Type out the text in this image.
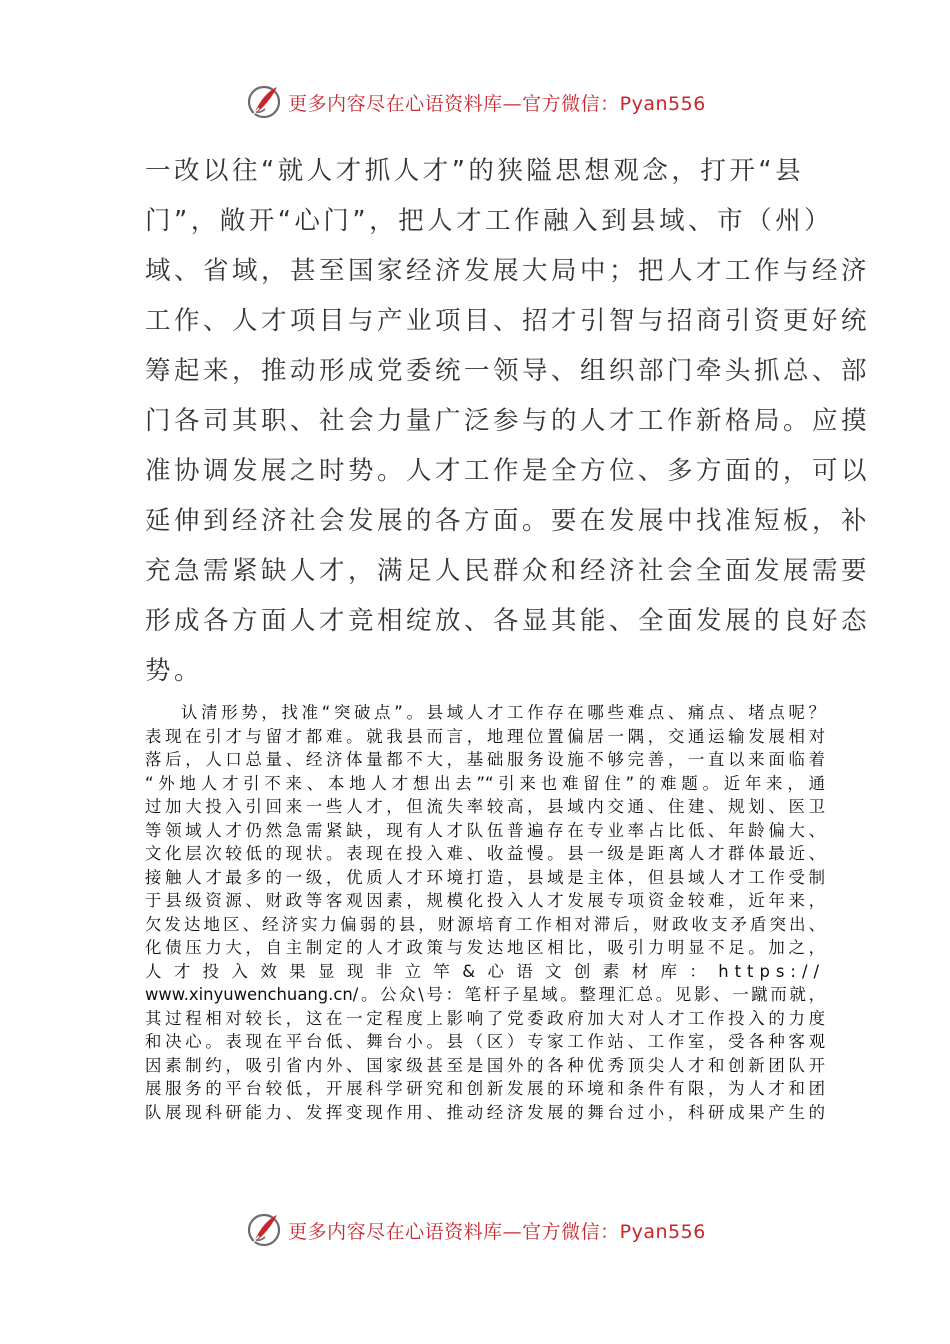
更多内容尽在心语资料库—官方微信：Pyan556
一改以往“就人才抓人才”的狭隘思想观念，打开“县
门”，敞开“心门”，把人才工作融入到县域、市（州）
域、省域，甚至国家经济发展大局中；把人才工作与经济
工作、人才项目与产业项目、招才引智与招商引资更好统
筹起来，推动形成党委统一领导、组织部门牵头抓总、部
门各司其职、社会力量广泛参与的人才工作新格局。应摸
准协调发展之时势。人才工作是全方位、多方面的，可以
延伸到经济社会发展的各方面。要在发展中找准短板，补
充急需紧缺人才，满足人民群众和经济社会全面发展需要
形成各方面人才竞相绽放、各显其能、全面发展的良好态
势。
认清形势，找准“突破点”。县域人才工作存在哪些难点、痛点、堵点呢？
表现在引才与留才都难。就我县而言，地理位置偏居一隅，交通运输发展相对
落后，人口总量、经济体量都不大，基础服务设施不够完善，一直以来面临着
“外地人才引不来、本地人才想出去”“引来也难留住”的难题。近年来，通
过加大投入引回来一些人才，但流失率较高，县域内交通、住建、规划、医卫
等领域人才仍然急需紧缺，现有人才队伍普遍存在专业率占比低、年龄偏大、
文化层次较低的现状。表现在投入难、收益慢。县一级是距离人才群体最近、
接触人才最多的一级，优质人才环境打造，县域是主体，但县域人才工作受制
于县级资源、财政等客观因素，规模化投入人才发展专项资金较难，近年来，
欠发达地区、经济实力偏弱的县，财源培育工作相对滞后，财政收支矛盾突出、
化债压力大，自主制定的人才政策与发达地区相比，吸引力明显不足。加之，
人才投入效果显现非立竿&心语文创素材库：https://
www.xinyuwenchuang.cn/。公众\号：笔杆子星域。整理汇总。见影、一蹴而就，
其过程相对较长，这在一定程度上影响了党委政府加大对人才工作投入的力度
和决心。表现在平台低、舞台小。县（区）专家工作站、工作室，受各种客观
因素制约，吸引省内外、国家级甚至是国外的各种优秀顶尖人才和创新团队开
展服务的平台较低，开展科学研究和创新发展的环境和条件有限，为人才和团
队展现科研能力、发挥变现作用、推动经济发展的舞台过小，科研成果产生的
更多内容尽在心语资料库—官方微信：Pyan556
